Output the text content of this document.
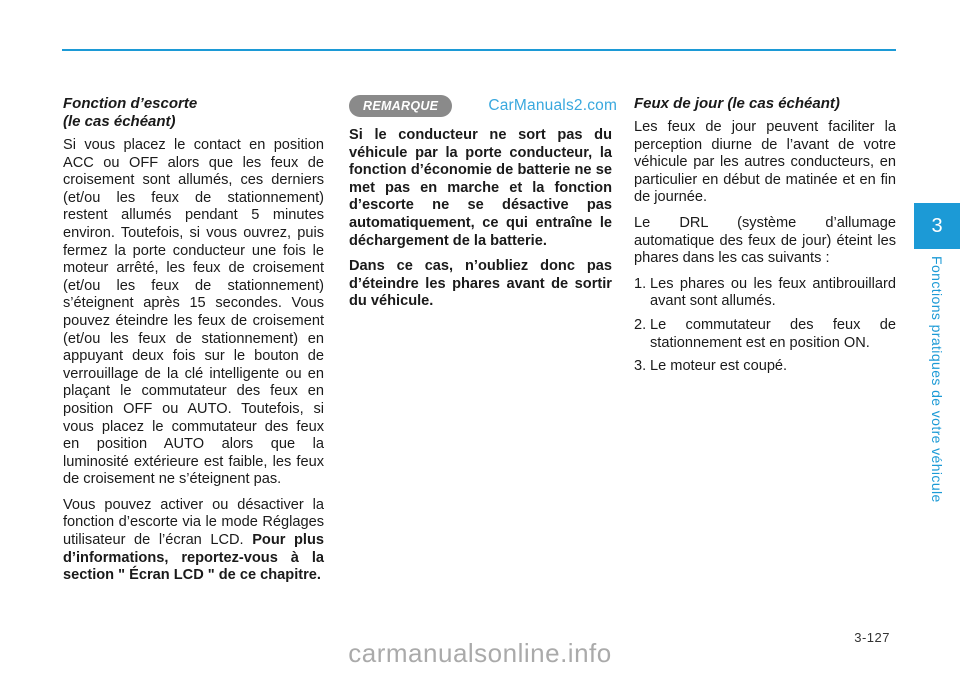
Fonction d’escorte
(le cas échéant)

Si vous placez le contact en position ACC ou OFF alors que les feux de croisement sont allumés, ces derniers (et/ou les feux de stationnement) restent allumés pendant 5 minutes environ. Toutefois, si vous ouvrez, puis fermez la porte conducteur une fois le moteur arrêté, les feux de croisement (et/ou les feux de stationnement) s’éteignent après 15 secondes. Vous pouvez éteindre les feux de croisement (et/ou les feux de stationnement) en appuyant deux fois sur le bouton de verrouillage de la clé intelligente ou en plaçant le commutateur des feux en position OFF ou AUTO. Toutefois, si vous placez le commutateur des feux en position AUTO alors que la luminosité extérieure est faible, les feux de croisement ne s’éteignent pas.

Vous pouvez activer ou désactiver la fonction d’escorte via le mode Réglages utilisateur de l’écran LCD. Pour plus d’informations, reportez-vous à la section " Écran LCD " de ce chapitre.

REMARQUE	CarManuals2.com

Si le conducteur ne sort pas du véhicule par la porte conducteur, la fonction d’économie de batterie ne se met pas en marche et la fonction d’escorte ne se désactive pas automatiquement, ce qui entraîne le déchargement de la batterie.

Dans ce cas, n’oubliez donc pas d’éteindre les phares avant de sortir du véhicule.

Feux de jour (le cas échéant)

Les feux de jour peuvent faciliter la perception diurne de l’avant de votre véhicule par les autres conducteurs, en particulier en début de matinée et en fin de journée.

Le DRL (système d’allumage automatique des feux de jour) éteint les phares dans les cas suivants :

1. Les phares ou les feux antibrouillard avant sont allumés.
2. Le commutateur des feux de stationnement est en position ON.
3. Le moteur est coupé.
3
Fonctions pratiques de votre véhicule
3-127
carmanualsonline.info
